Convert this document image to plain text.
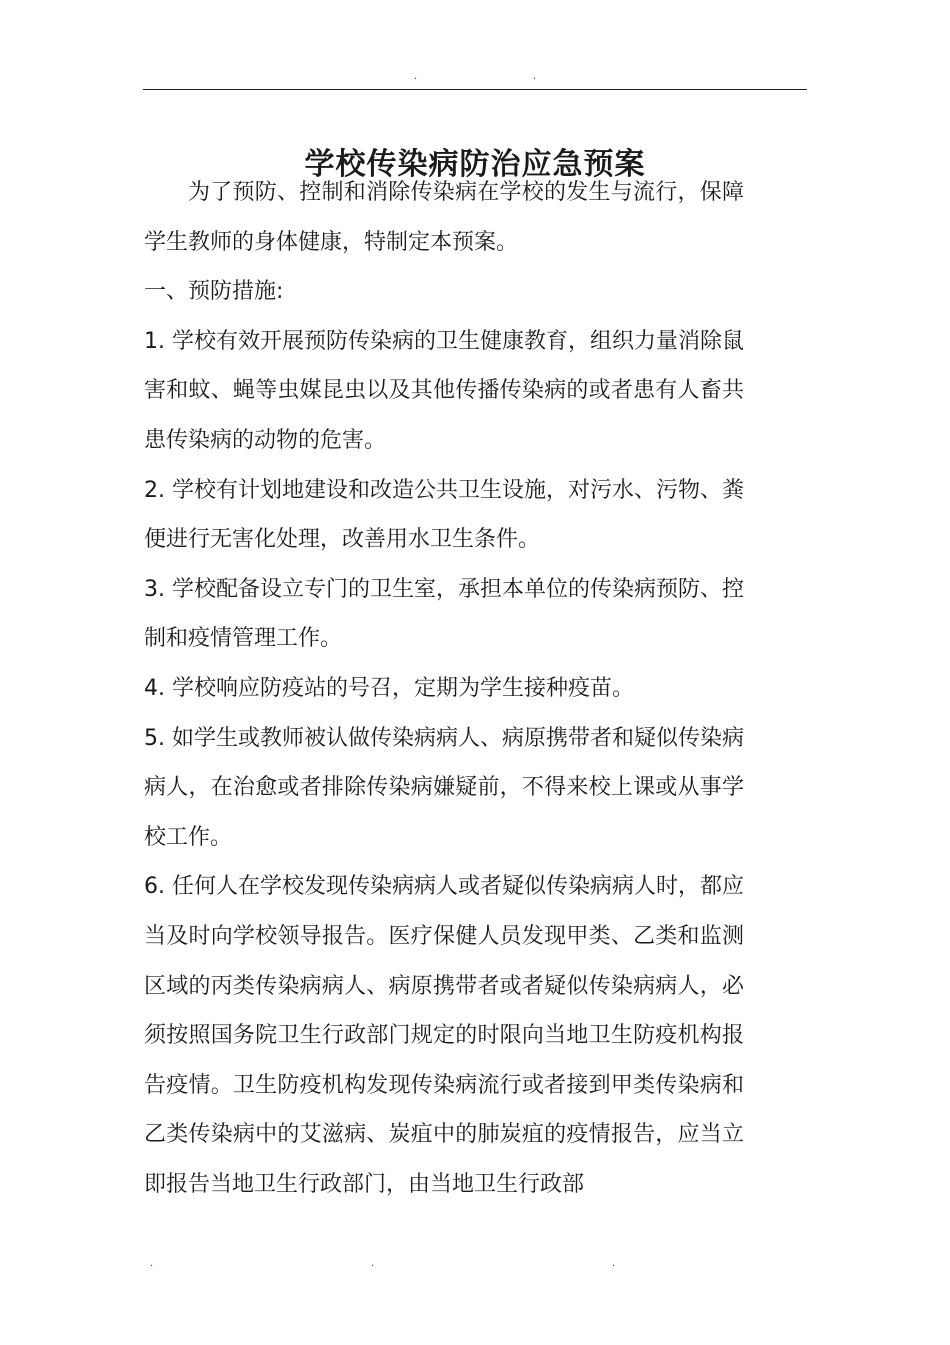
.	.
学校传染病防治应急预案

为了预防、控制和消除传染病在学校的发生与流行，保障学生教师的身体健康，特制定本预案。

一、预防措施:

1. 学校有效开展预防传染病的卫生健康教育，组织力量消除鼠害和蚊、蝇等虫媒昆虫以及其他传播传染病的或者患有人畜共患传染病的动物的危害。

2. 学校有计划地建设和改造公共卫生设施，对污水、污物、粪便进行无害化处理，改善用水卫生条件。

3. 学校配备设立专门的卫生室，承担本单位的传染病预防、控制和疫情管理工作。

4. 学校响应防疫站的号召，定期为学生接种疫苗。

5. 如学生或教师被认做传染病病人、病原携带者和疑似传染病病人，在治愈或者排除传染病嫌疑前，不得来校上课或从事学校工作。

6. 任何人在学校发现传染病病人或者疑似传染病病人时，都应当及时向学校领导报告。医疗保健人员发现甲类、乙类和监测区域的丙类传染病病人、病原携带者或者疑似传染病病人，必须按照国务院卫生行政部门规定的时限向当地卫生防疫机构报告疫情。卫生防疫机构发现传染病流行或者接到甲类传染病和乙类传染病中的艾滋病、炭疽中的肺炭疽的疫情报告，应当立即报告当地卫生行政部门，由当地卫生行政部

.	.	.
